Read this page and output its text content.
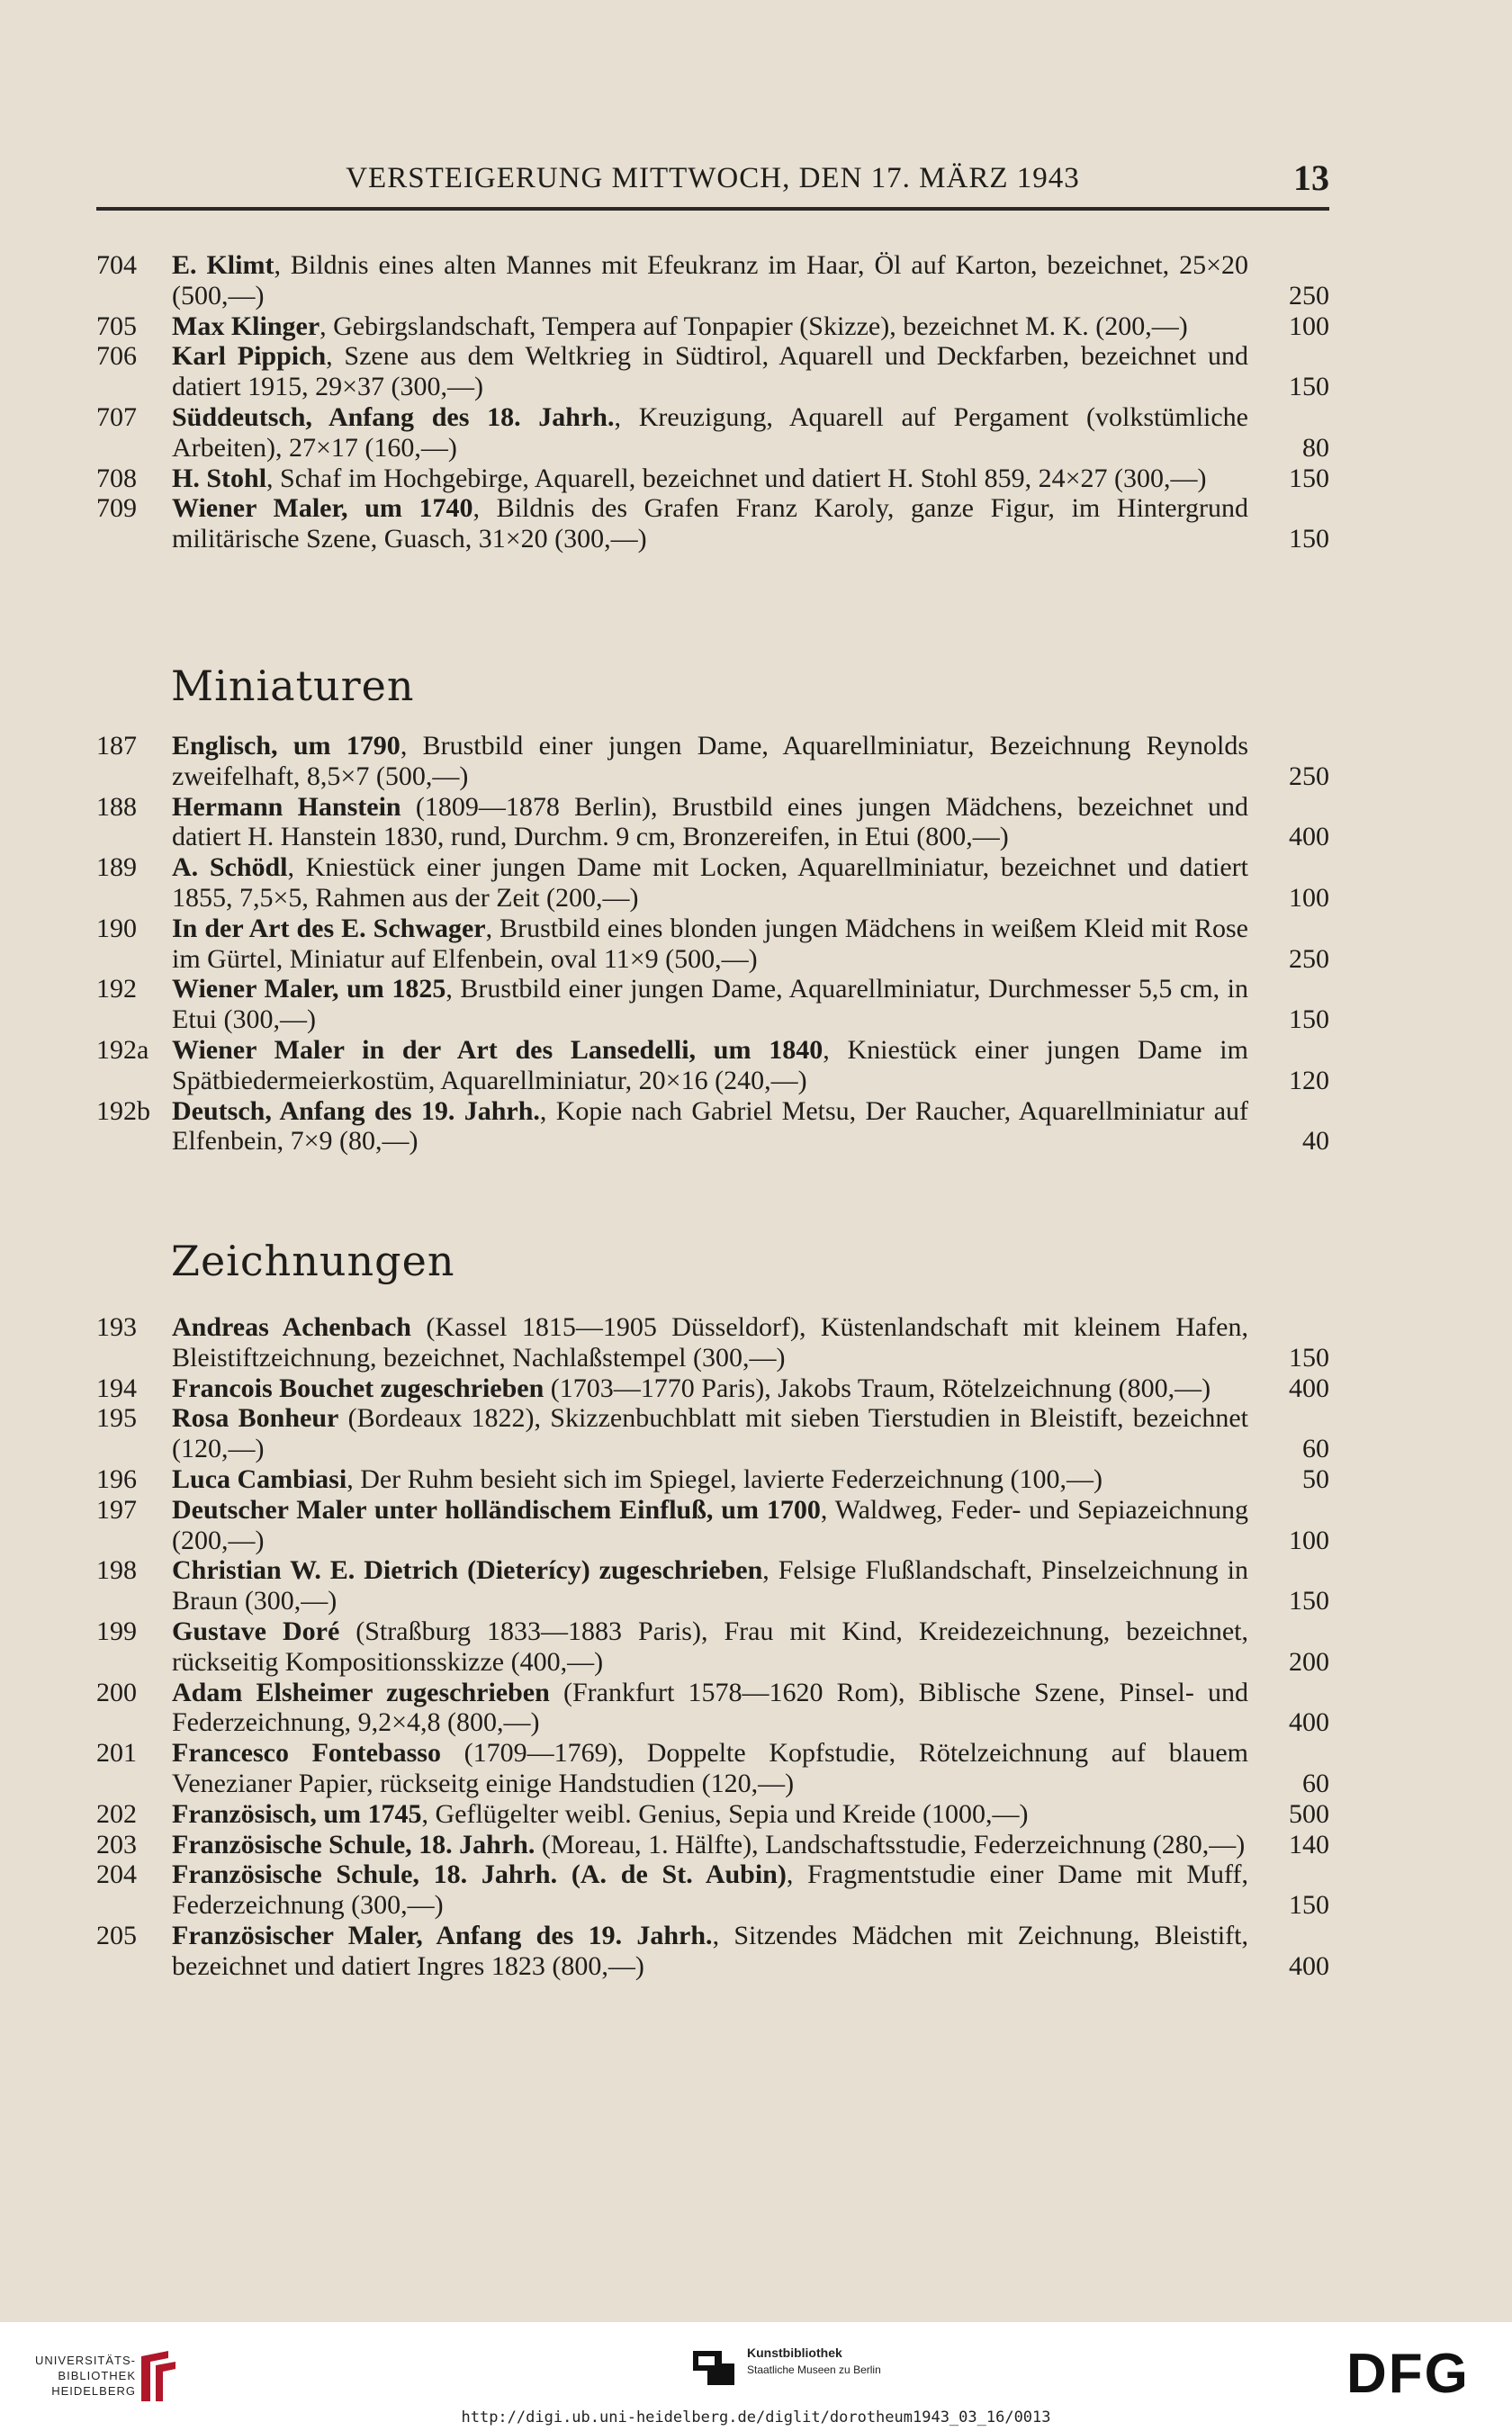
VERSTEIGERUNG MITTWOCH, DEN 17. MÄRZ 1943	13
704 E. Klimt, Bildnis eines alten Mannes mit Efeukranz im Haar, Öl auf Karton, bezeichnet, 25×20 (500,—)	250
705 Max Klinger, Gebirgslandschaft, Tempera auf Tonpapier (Skizze), bezeichnet M. K. (200,—)	100
706 Karl Pippich, Szene aus dem Weltkrieg in Südtirol, Aquarell und Deckfarben, bezeichnet und datiert 1915, 29×37 (300,—)	150
707 Süddeutsch, Anfang des 18. Jahrh., Kreuzigung, Aquarell auf Pergament (volkstümliche Arbeiten), 27×17 (160,—)	80
708 H. Stohl, Schaf im Hochgebirge, Aquarell, bezeichnet und datiert H. Stohl 859, 24×27 (300,—)	150
709 Wiener Maler, um 1740, Bildnis des Grafen Franz Karoly, ganze Figur, im Hintergrund militärische Szene, Guasch, 31×20 (300,—)	150
Miniaturen
187 Englisch, um 1790, Brustbild einer jungen Dame, Aquarellminiatur, Bezeichnung Reynolds zweifelhaft, 8,5×7 (500,—)	250
188 Hermann Hanstein (1809—1878 Berlin), Brustbild eines jungen Mädchens, bezeichnet und datiert H. Hanstein 1830, rund, Durchm. 9 cm, Bronzereifen, in Etui (800,—)	400
189 A. Schödl, Kniestück einer jungen Dame mit Locken, Aquarellminiatur, bezeichnet und datiert 1855, 7,5×5, Rahmen aus der Zeit (200,—)	100
190 In der Art des E. Schwager, Brustbild eines blonden jungen Mädchens in weißem Kleid mit Rose im Gürtel, Miniatur auf Elfenbein, oval 11×9 (500,—)	250
192 Wiener Maler, um 1825, Brustbild einer jungen Dame, Aquarellminiatur, Durchmesser 5,5 cm, in Etui (300,—)	150
192a Wiener Maler in der Art des Lansedelli, um 1840, Kniestück einer jungen Dame im Spätbiedermeierkostüm, Aquarellminiatur, 20×16 (240,—)	120
192b Deutsch, Anfang des 19. Jahrh., Kopie nach Gabriel Metsu, Der Raucher, Aquarellminiatur auf Elfenbein, 7×9 (80,—)	40
Zeichnungen
193 Andreas Achenbach (Kassel 1815—1905 Düsseldorf), Küstenlandschaft mit kleinem Hafen, Bleistiftzeichnung, bezeichnet, Nachlaßstempel (300,—)	150
194 Francois Bouchet zugeschrieben (1703—1770 Paris), Jakobs Traum, Rötelzeichnung (800,—)	400
195 Rosa Bonheur (Bordeaux 1822), Skizzenbuchblatt mit sieben Tierstudien in Bleistift, bezeichnet (120,—)	60
196 Luca Cambiasi, Der Ruhm besieht sich im Spiegel, lavierte Federzeichnung (100,—)	50
197 Deutscher Maler unter holländischem Einfluß, um 1700, Waldweg, Feder- und Sepiazeichnung (200,—)	100
198 Christian W. E. Dietrich (Dieterícy) zugeschrieben, Felsige Flußlandschaft, Pinselzeichnung in Braun (300,—)	150
199 Gustave Doré (Straßburg 1833—1883 Paris), Frau mit Kind, Kreidezeichnung, bezeichnet, rückseitig Kompositionsskizze (400,—)	200
200 Adam Elsheimer zugeschrieben (Frankfurt 1578—1620 Rom), Biblische Szene, Pinsel- und Federzeichnung, 9,2×4,8 (800,—)	400
201 Francesco Fontebasso (1709—1769), Doppelte Kopfstudie, Rötelzeichnung auf blauem Venezianer Papier, rückseitg einige Handstudien (120,—)	60
202 Französisch, um 1745, Geflügelter weibl. Genius, Sepia und Kreide (1000,—)	500
203 Französische Schule, 18. Jahrh. (Moreau, 1. Hälfte), Landschaftsstudie, Federzeichnung (280,—)	140
204 Französische Schule, 18. Jahrh. (A. de St. Aubin), Fragmentstudie einer Dame mit Muff, Federzeichnung (300,—)	150
205 Französischer Maler, Anfang des 19. Jahrh., Sitzendes Mädchen mit Zeichnung, Bleistift, bezeichnet und datiert Ingres 1823 (800,—)	400
UNIVERSITÄTS-
BIBLIOTHEK
HEIDELBERG
Kunstbibliothek
Staatliche Museen zu Berlin	DFG
http://digi.ub.uni-heidelberg.de/diglit/dorotheum1943_03_16/0013
